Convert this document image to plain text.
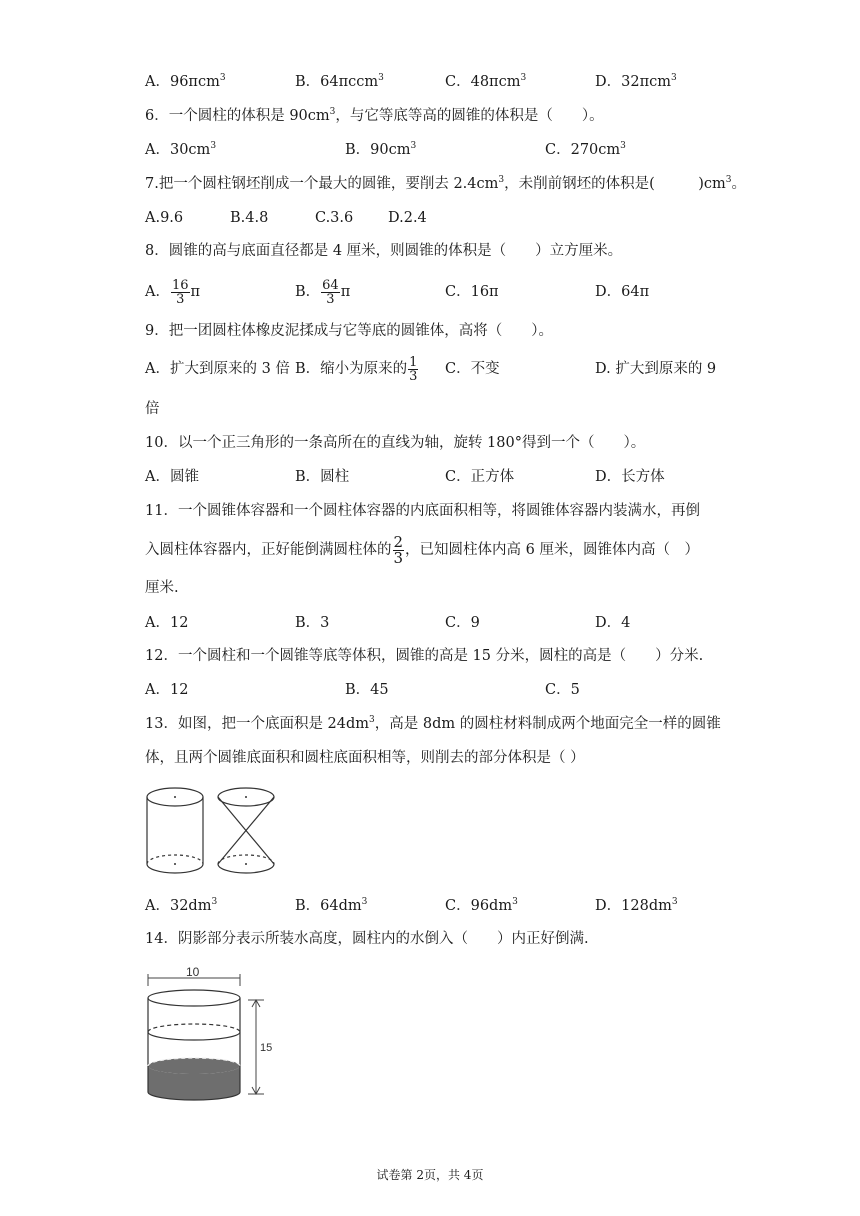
A．96πcm$^3$	B．64πccm$^3$	C．48πcm$^3$	D．32πcm$^3$
6．一个圆柱的体积是 $90cm^3$，与它等底等高的圆锥的体积是（　　）。
A．$30cm^3$	B．$90cm^3$	C．$270cm^3$
7.把一个圆柱钢坯削成一个最大的圆锥，要削去 $2.4cm^3$，未削前钢坯的体积是(　　　)$cm^3$。
A.9.6	B.4.8	C.3.6 D.2.4
8．圆锥的高与底面直径都是 4 厘米，则圆锥的体积是（　　）立方厘米。
A． $\frac{16}{3}$ π	B． $\frac{64}{3}$ π	C．16π	D．64π
9．把一团圆柱体橡皮泥揉成与它等底的圆锥体，高将（　　）。
A．扩大到原来的 3 倍 B．缩小为原来的 $\frac{1}{3}$ C．不变	D. 扩大到原来的 9
倍
10．以一个正三角形的一条高所在的直线为轴，旋转 180°得到一个（　　）。
A．圆锥	B．圆柱	C．正方体	D．长方体
11．一个圆锥体容器和一个圆柱体容器的内底面积相等，将圆锥体容器内装满水，再倒
入圆柱体容器内，正好能倒满圆柱体的 $\frac{2}{3}$ ，已知圆柱体内高 6 厘米，圆锥体内高（　）
厘米.
A．12	B．3	C．9	D．4
12．一个圆柱和一个圆锥等底等体积，圆锥的高是 15 分米，圆柱的高是（　　）分米.
A．12	B．45	C．5
13．如图，把一个底面积是 $24dm^3$，高是 8dm 的圆柱材料制成两个地面完全一样的圆锥
体，且两个圆锥底面积和圆柱底面积相等，则削去的部分体积是（ ）
A．$32dm^3$	B．$64dm^3$	C．$96dm^3$	D．$128dm^3$
14．阴影部分表示所装水高度，圆柱内的水倒入（　　）内正好倒满.
10
15
试卷第 2页，共 4页
